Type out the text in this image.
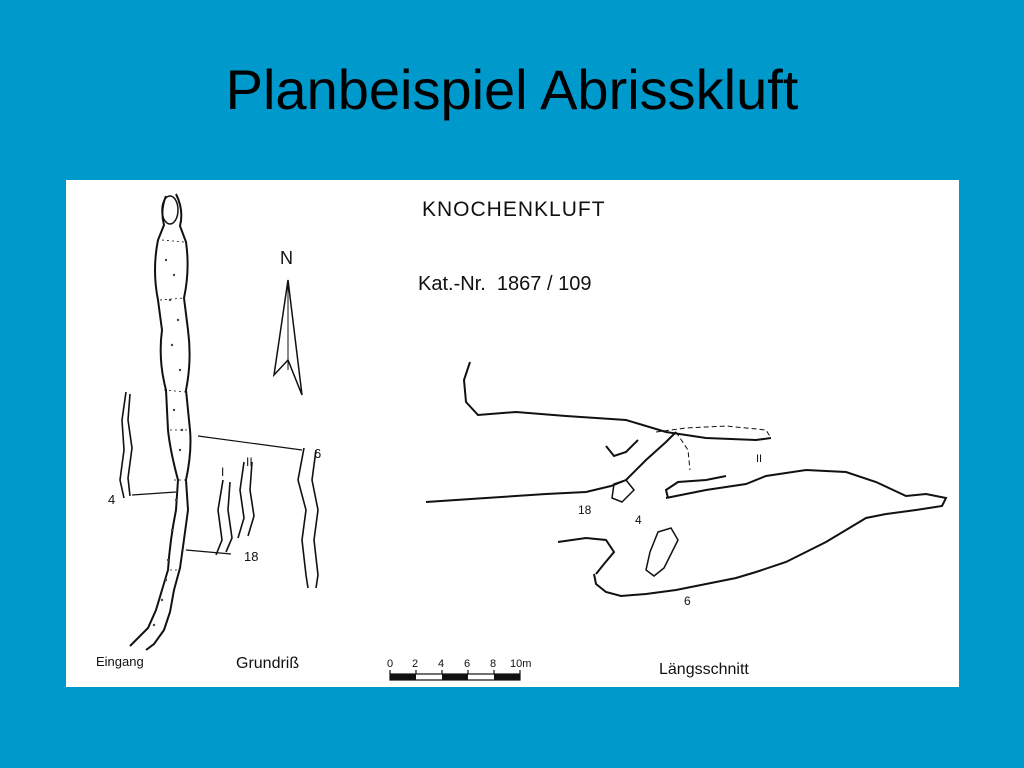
Planbeispiel Abrisskluft
KNOCHENKLUFT
Kat.-Nr.  1867 / 109
N
4
6
I
II
18
18
4
6
II
0 2 4 6 8 10m
Eingang	Grundriß	Längsschnitt
